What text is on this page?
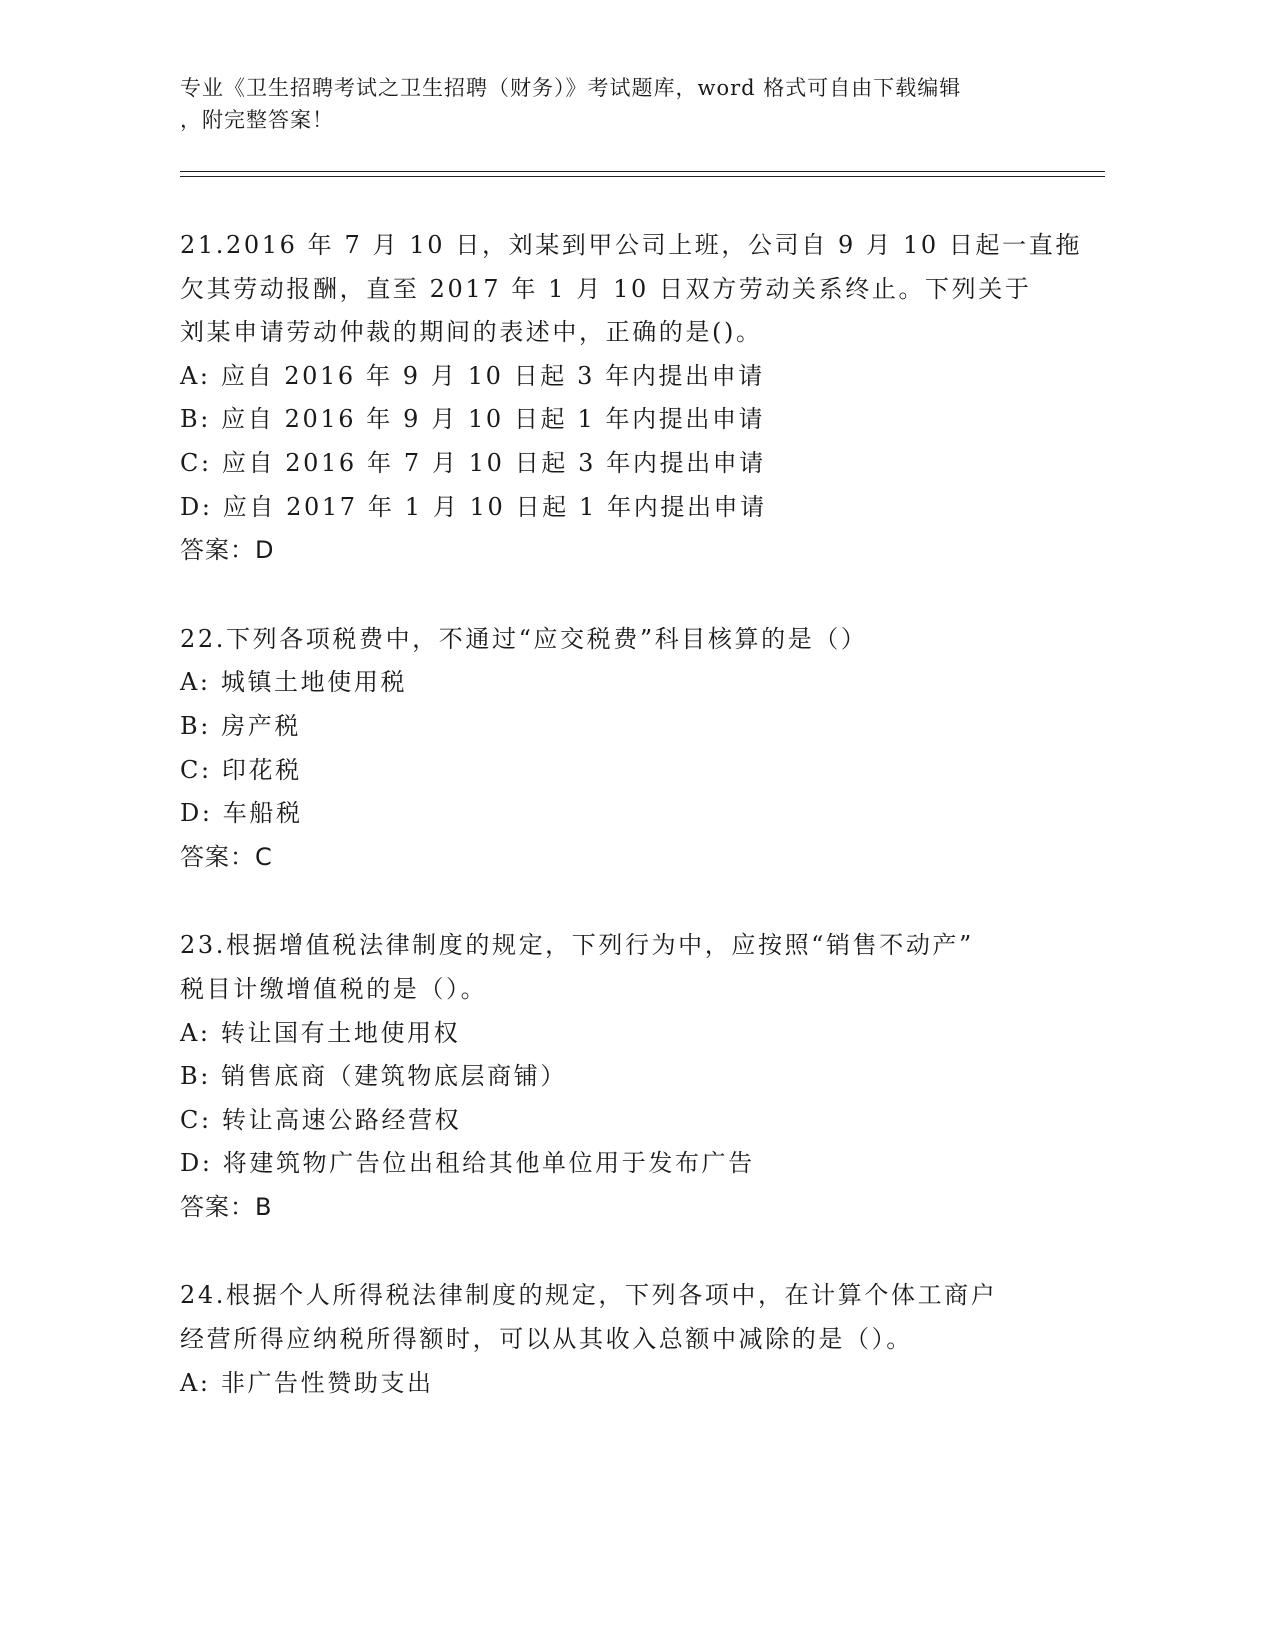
专业《卫生招聘考试之卫生招聘（财务）》考试题库，word 格式可自由下载编辑
，附完整答案！
21.2016 年 7 月 10 日，刘某到甲公司上班，公司自 9 月 10 日起一直拖
欠其劳动报酬，直至 2017 年 1 月 10 日双方劳动关系终止。下列关于
刘某申请劳动仲裁的期间的表述中，正确的是()。
A: 应自 2016 年 9 月 10 日起 3 年内提出申请
B: 应自 2016 年 9 月 10 日起 1 年内提出申请
C: 应自 2016 年 7 月 10 日起 3 年内提出申请
D: 应自 2017 年 1 月 10 日起 1 年内提出申请
答案：D
22.下列各项税费中，不通过“应交税费”科目核算的是（）
A: 城镇土地使用税
B: 房产税
C: 印花税
D: 车船税
答案：C
23.根据增值税法律制度的规定，下列行为中，应按照“销售不动产”
税目计缴增值税的是（）。
A: 转让国有土地使用权
B: 销售底商（建筑物底层商铺）
C: 转让高速公路经营权
D: 将建筑物广告位出租给其他单位用于发布广告
答案：B
24.根据个人所得税法律制度的规定，下列各项中，在计算个体工商户
经营所得应纳税所得额时，可以从其收入总额中减除的是（）。
A: 非广告性赞助支出
